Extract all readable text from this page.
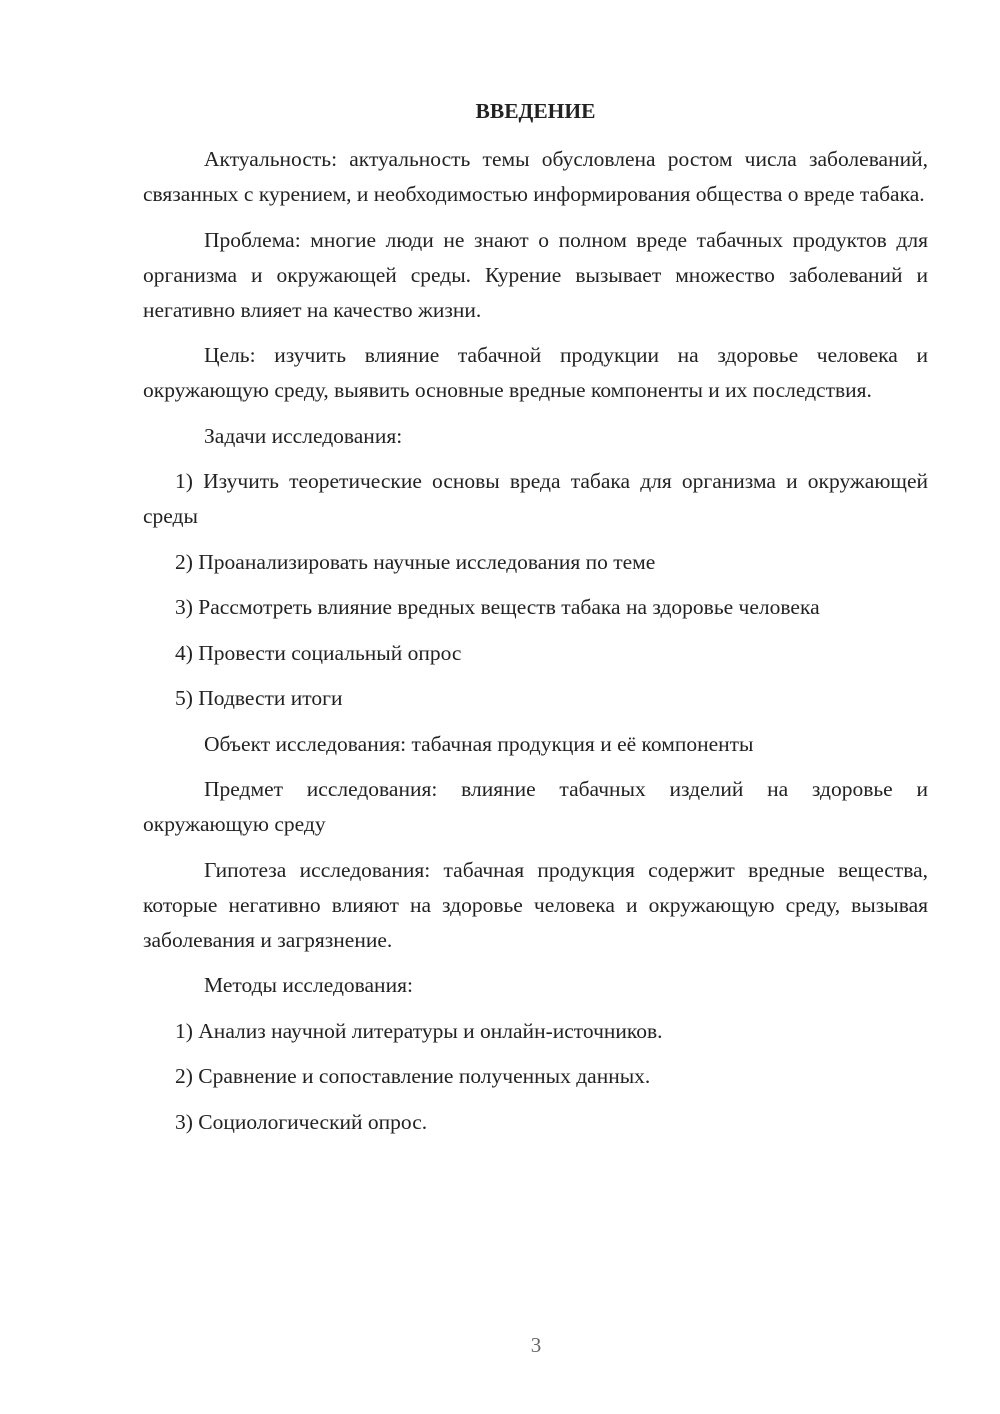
ВВЕДЕНИЕ

Актуальность: актуальность темы обусловлена ростом числа заболеваний, связанных с курением, и необходимостью информирования общества о вреде табака.

Проблема: многие люди не знают о полном вреде табачных продуктов для организма и окружающей среды. Курение вызывает множество заболеваний и негативно влияет на качество жизни.

Цель: изучить влияние табачной продукции на здоровье человека и окружающую среду, выявить основные вредные компоненты и их последствия.

Задачи исследования:

1) Изучить теоретические основы вреда табака для организма и окружающей среды

2) Проанализировать научные исследования по теме
3) Рассмотреть влияние вредных веществ табака на здоровье человека
4) Провести социальный опрос
5) Подвести итоги

Объект исследования: табачная продукция и её компоненты

Предмет исследования: влияние табачных изделий на здоровье и окружающую среду

Гипотеза исследования: табачная продукция содержит вредные вещества, которые негативно влияют на здоровье человека и окружающую среду, вызывая заболевания и загрязнение.

Методы исследования:

1) Анализ научной литературы и онлайн-источников.
2) Сравнение и сопоставление полученных данных.
3) Социологический опрос.
3
